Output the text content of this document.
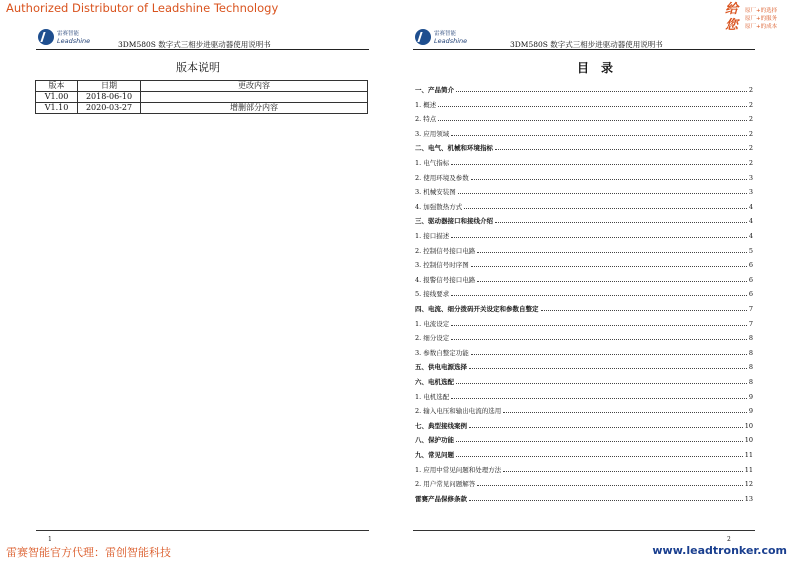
Authorized Distributor of Leadshine Technology	给
您
原厂+的选择
原厂+的服务
原厂+的成本
雷赛智能
Leadshine	3DM580S 数字式三相步进驱动器使用说明书
版本说明
版本	日期	更改内容
V1.00	2018-06-10	
V1.10	2020-03-27	增删部分内容
1
雷赛智能
Leadshine	3DM580S 数字式三相步进驱动器使用说明书
目　录
一、产品简介	2
1. 概述	2
2. 特点	2
3. 应用领域	2
二、电气、机械和环境指标	2
1. 电气指标	2
2. 使用环境及参数	3
3. 机械安装图	3
4. 加强散热方式	4
三、驱动器接口和接线介绍	4
1. 接口描述	4
2. 控制信号接口电路	5
3. 控制信号时序图	6
4. 报警信号接口电路	6
5. 接线要求	6
四、电流、细分拨码开关设定和参数自整定	7
1. 电流设定	7
2. 细分设定	8
3. 参数自整定功能	8
五、供电电源选择	8
六、电机选配	8
1. 电机选配	9
2. 输入电压和输出电流的选用	9
七、典型接线案例	10
八、保护功能	10
九、常见问题	11
1. 应用中常见问题和处理方法	11
2. 用户常见问题解答	12
雷赛产品保修条款	13
2
雷赛智能官方代理：雷创智能科技	www.leadtronker.com
